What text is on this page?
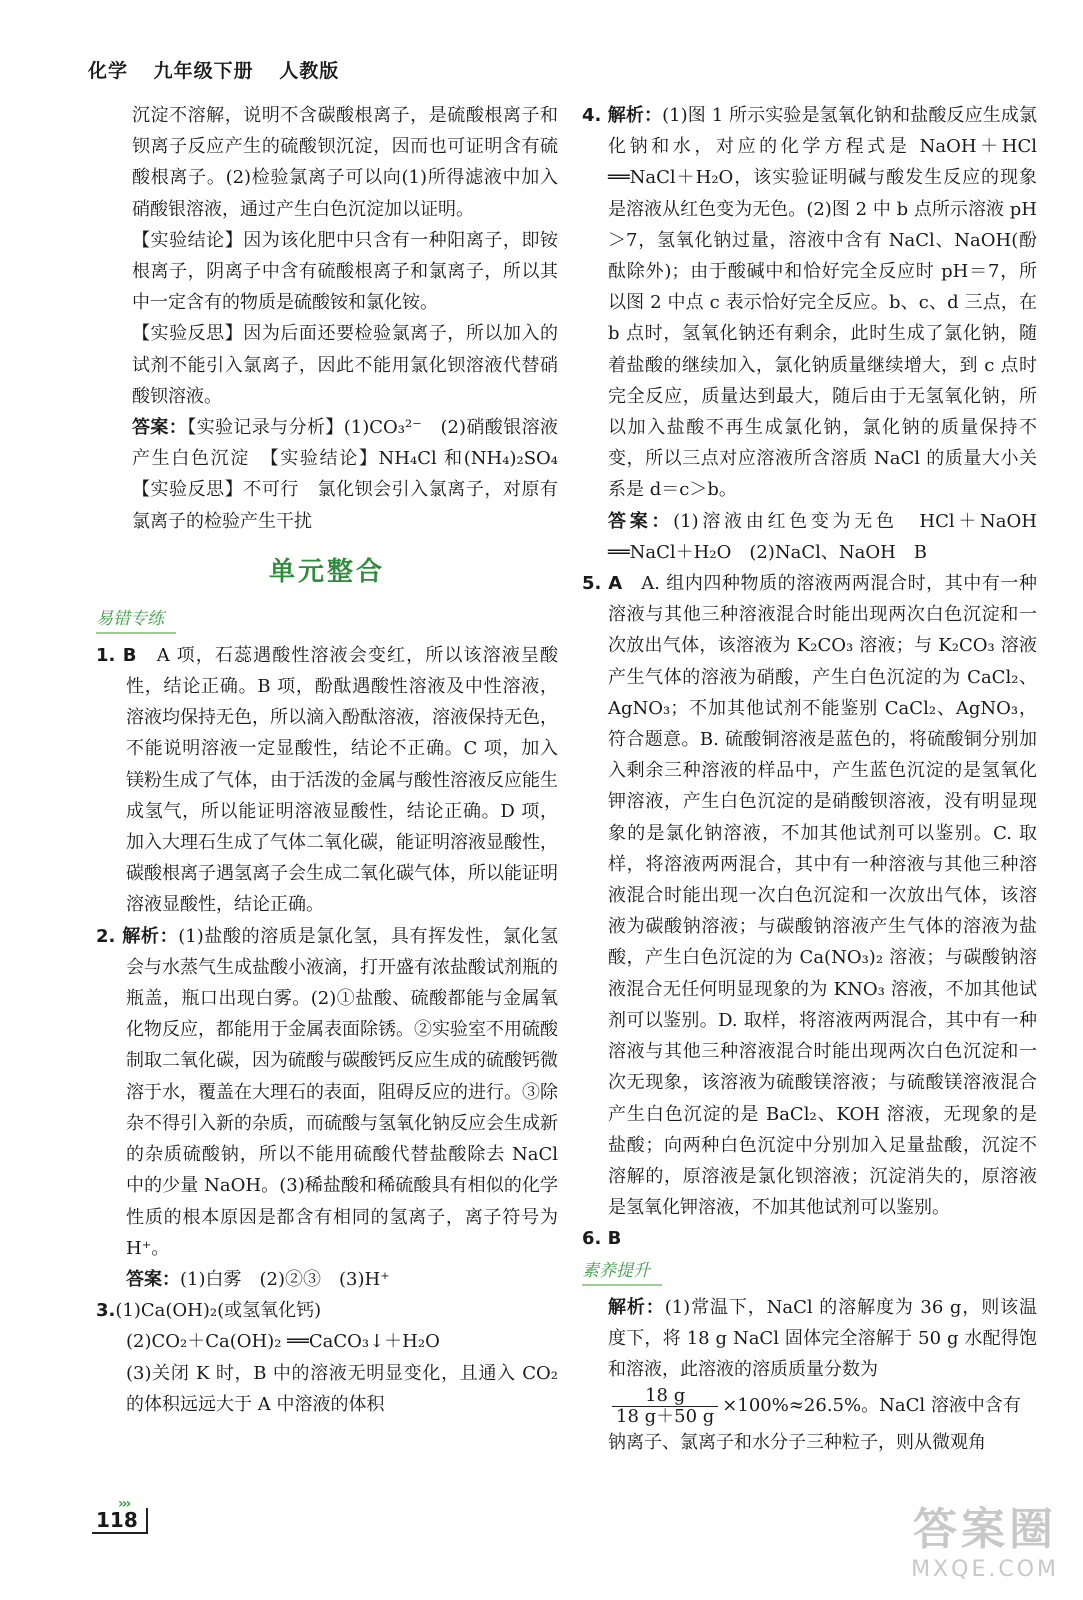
化学 九年级下册 人教版

沉淀不溶解，说明不含碳酸根离子，是硫酸根离子和钡离子反应产生的硫酸钡沉淀，因而也可证明含有硫酸根离子。(2)检验氯离子可以向(1)所得滤液中加入硝酸银溶液，通过产生白色沉淀加以证明。

【实验结论】因为该化肥中只含有一种阳离子，即铵根离子，阴离子中含有硫酸根离子和氯离子，所以其中一定含有的物质是硫酸铵和氯化铵。

【实验反思】因为后面还要检验氯离子，所以加入的试剂不能引入氯离子，因此不能用氯化钡溶液代替硝酸钡溶液。

答案：【实验记录与分析】(1)CO₃²⁻　(2)硝酸银溶液　产生白色沉淀　【实验结论】NH₄Cl 和(NH₄)₂SO₄　【实验反思】不可行　氯化钡会引入氯离子，对原有氯离子的检验产生干扰

单元整合
易错专练

1. B　 A 项，石蕊遇酸性溶液会变红，所以该溶液呈酸性，结论正确。B 项，酚酞遇酸性溶液及中性溶液，溶液均保持无色，所以滴入酚酞溶液，溶液保持无色，不能说明溶液一定显酸性，结论不正确。C 项，加入镁粉生成了气体，由于活泼的金属与酸性溶液反应能生成氢气，所以能证明溶液显酸性，结论正确。D 项，加入大理石生成了气体二氧化碳，能证明溶液显酸性，碳酸根离子遇氢离子会生成二氧化碳气体，所以能证明溶液显酸性，结论正确。

2. 解析：(1)盐酸的溶质是氯化氢，具有挥发性，氯化氢会与水蒸气生成盐酸小液滴，打开盛有浓盐酸试剂瓶的瓶盖，瓶口出现白雾。(2)①盐酸、硫酸都能与金属氧化物反应，都能用于金属表面除锈。②实验室不用硫酸制取二氧化碳，因为硫酸与碳酸钙反应生成的硫酸钙微溶于水，覆盖在大理石的表面，阻碍反应的进行。③除杂不得引入新的杂质，而硫酸与氢氧化钠反应会生成新的杂质硫酸钠，所以不能用硫酸代替盐酸除去 NaCl 中的少量 NaOH。(3)稀盐酸和稀硫酸具有相似的化学性质的根本原因是都含有相同的氢离子，离子符号为 H⁺。

答案：(1)白雾　(2)②③　(3)H⁺

3.(1)Ca(OH)₂(或氢氧化钙)

(2)CO₂＋Ca(OH)₂ ══CaCO₃↓＋H₂O

(3)关闭 K 时，B 中的溶液无明显变化，且通入 CO₂ 的体积远远大于 A 中溶液的体积

4. 解析：(1)图 1 所示实验是氢氧化钠和盐酸反应生成氯化钠和水，对应的化学方程式是 NaOH＋HCl ══NaCl＋H₂O，该实验证明碱与酸发生反应的现象是溶液从红色变为无色。(2)图 2 中 b 点所示溶液 pH＞7，氢氧化钠过量，溶液中含有 NaCl、NaOH(酚酞除外)；由于酸碱中和恰好完全反应时 pH＝7，所以图 2 中点 c 表示恰好完全反应。b、c、d 三点，在 b 点时，氢氧化钠还有剩余，此时生成了氯化钠，随着盐酸的继续加入，氯化钠质量继续增大，到 c 点时完全反应，质量达到最大，随后由于无氢氧化钠，所以加入盐酸不再生成氯化钠，氯化钠的质量保持不变，所以三点对应溶液所含溶质 NaCl 的质量大小关系是 d＝c＞b。

答案：(1)溶液由红色变为无色　HCl＋NaOH ══NaCl＋H₂O　(2)NaCl、NaOH　B

5. A　 A. 组内四种物质的溶液两两混合时，其中有一种溶液与其他三种溶液混合时能出现两次白色沉淀和一次放出气体，该溶液为 K₂CO₃ 溶液；与 K₂CO₃ 溶液产生气体的溶液为硝酸，产生白色沉淀的为 CaCl₂、AgNO₃；不加其他试剂不能鉴别 CaCl₂、AgNO₃，符合题意。B. 硫酸铜溶液是蓝色的，将硫酸铜分别加入剩余三种溶液的样品中，产生蓝色沉淀的是氢氧化钾溶液，产生白色沉淀的是硝酸钡溶液，没有明显现象的是氯化钠溶液，不加其他试剂可以鉴别。C. 取样，将溶液两两混合，其中有一种溶液与其他三种溶液混合时能出现一次白色沉淀和一次放出气体，该溶液为碳酸钠溶液；与碳酸钠溶液产生气体的溶液为盐酸，产生白色沉淀的为 Ca(NO₃)₂ 溶液；与碳酸钠溶液混合无任何明显现象的为 KNO₃ 溶液，不加其他试剂可以鉴别。D. 取样，将溶液两两混合，其中有一种溶液与其他三种溶液混合时能出现两次白色沉淀和一次无现象，该溶液为硫酸镁溶液；与硫酸镁溶液混合产生白色沉淀的是 BaCl₂、KOH 溶液，无现象的是盐酸；向两种白色沉淀中分别加入足量盐酸，沉淀不溶解的，原溶液是氯化钡溶液；沉淀消失的，原溶液是氢氧化钾溶液，不加其他试剂可以鉴别。

6. B

素养提升

解析：(1)常温下，NaCl 的溶解度为 36 g，则该温度下，将 18 g NaCl 固体完全溶解于 50 g 水配得饱和溶液，此溶液的溶质质量分数为

$\frac{18 g}{18 g+50 g} \times 100\%\approx 26.5\%$。NaCl 溶液中含有

钠离子、氯离子和水分子三种粒子，则从微观角

›››
118	答案圈
MXQE.COM
